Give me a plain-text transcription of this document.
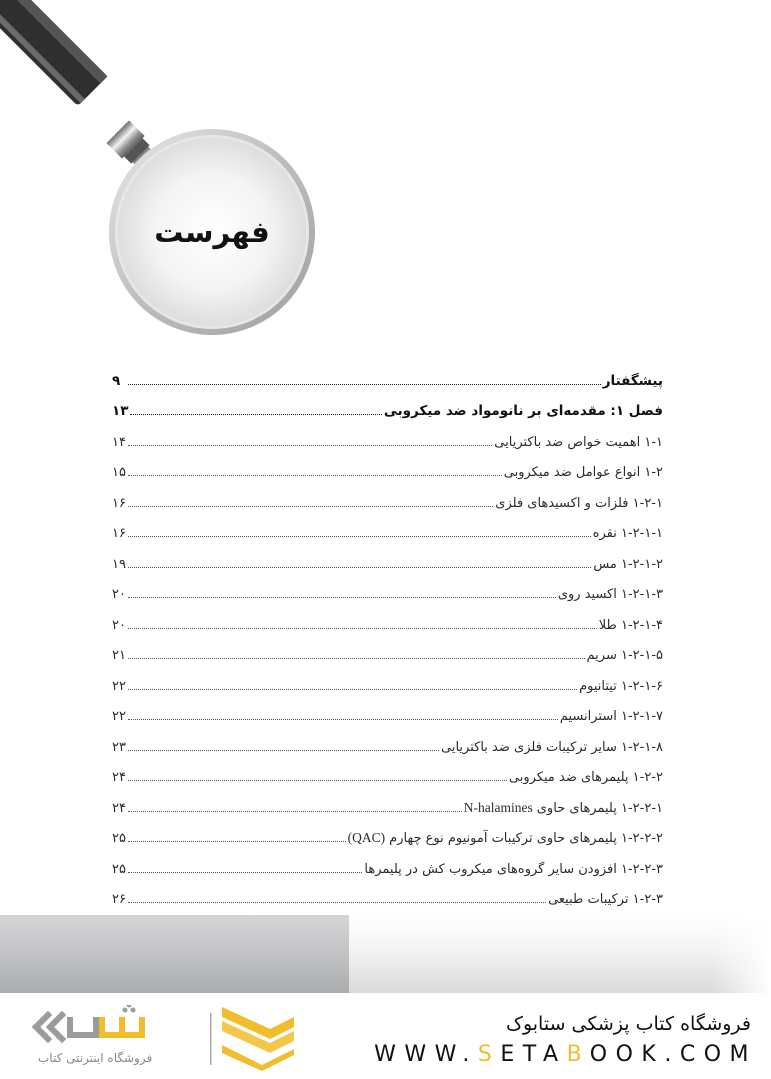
فهرست
پیشگفتار
۹
فصل ۱: مقدمه‌ای بر نانومواد ضد میکروبی
۱۳
۱-۱ اهمیت خواص ضد باکتریایی
۱۴
۱-۲ انواع عوامل ضد میکروبی
۱۵
۱-۲-۱ فلزات و اکسیدهای فلزی
۱۶
۱-۲-۱-۱ نقره
۱۶
۱-۲-۱-۲ مس
۱۹
۱-۲-۱-۳ اکسید روی
۲۰
۱-۲-۱-۴ طلا
۲۰
۱-۲-۱-۵ سریم
۲۱
۱-۲-۱-۶ تیتانیوم
۲۲
۱-۲-۱-۷ استرانسیم
۲۲
۱-۲-۱-۸ سایر ترکیبات فلزی ضد باکتریایی
۲۳
۱-۲-۲ پلیمرهای ضد میکروبی
۲۴
۱-۲-۲-۱ پلیمرهای حاوی
N-halamines
۲۴
۱-۲-۲-۲ پلیمرهای حاوی ترکیبات آمونیوم نوع چهارم
(QAC)
۲۵
۱-۲-۲-۳ افزودن سایر گروه‌های میکروب کش در پلیمرها
۲۵
۱-۲-۳ ترکیبات طبیعی
۲۶
فروشگاه اینترنتی کتاب
فروشگاه کتاب پزشکی ستابوک
WWW.SETABOOK.COM
